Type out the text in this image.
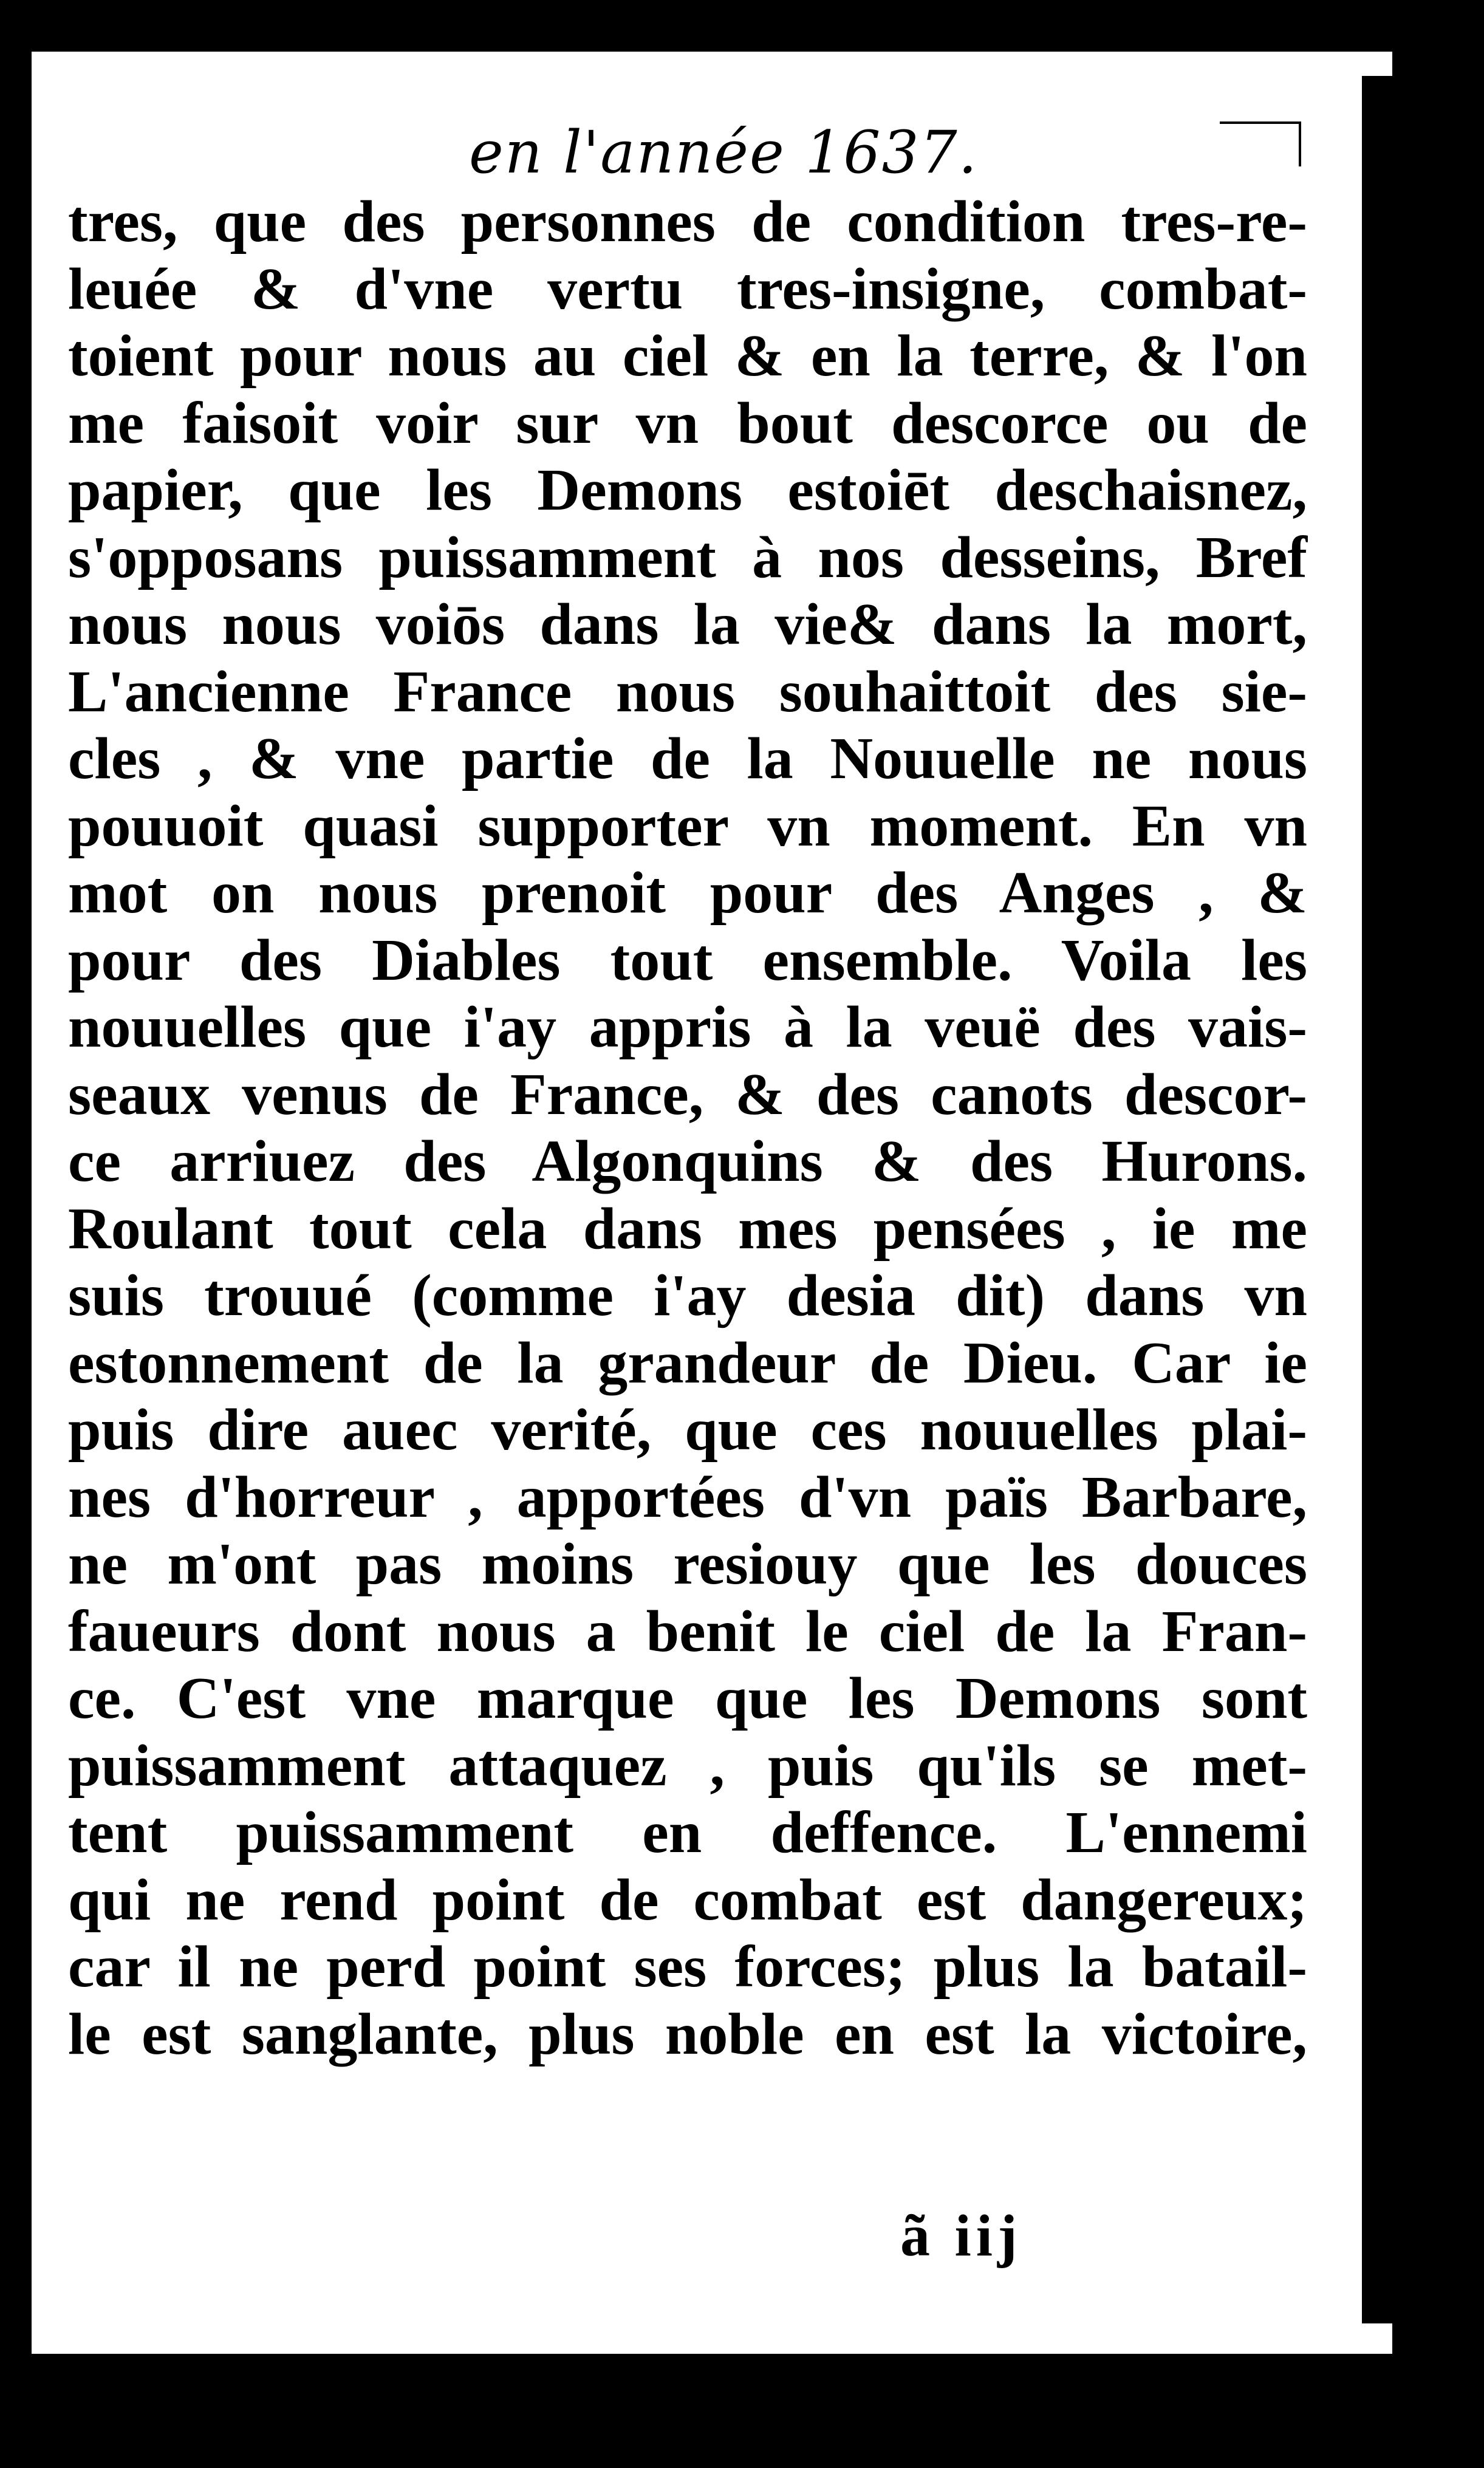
en l'année 1637.
tres, que des personnes de condition tres-re-
leuée & d'vne vertu tres-insigne, combat-
toient pour nous au ciel & en la terre, & l'on
me faisoit voir sur vn bout descorce ou de
papier, que les Demons estoiēt deschaisnez,
s'opposans puissamment à nos desseins, Bref
nous nous voiōs dans la vie& dans la mort,
L'ancienne France nous souhaittoit des sie-
cles , & vne partie de la Nouuelle ne nous
pouuoit quasi supporter vn moment. En vn
mot on nous prenoit pour des Anges , &
pour des Diables tout ensemble. Voila les
nouuelles que i'ay appris à la veuë des vais-
seaux venus de France, & des canots descor-
ce arriuez des Algonquins & des Hurons.
Roulant tout cela dans mes pensées , ie me
suis trouué (comme i'ay desia dit) dans vn
estonnement de la grandeur de Dieu. Car ie
puis dire auec verité, que ces nouuelles plai-
nes d'horreur , apportées d'vn païs Barbare,
ne m'ont pas moins resiouy que les douces
faueurs dont nous a benit le ciel de la Fran-
ce. C'est vne marque que les Demons sont
puissamment attaquez , puis qu'ils se met-
tent puissamment en deffence. L'ennemi
qui ne rend point de combat est dangereux;
car il ne perd point ses forces; plus la batail-
le est sanglante, plus noble en est la victoire,
ã iij
